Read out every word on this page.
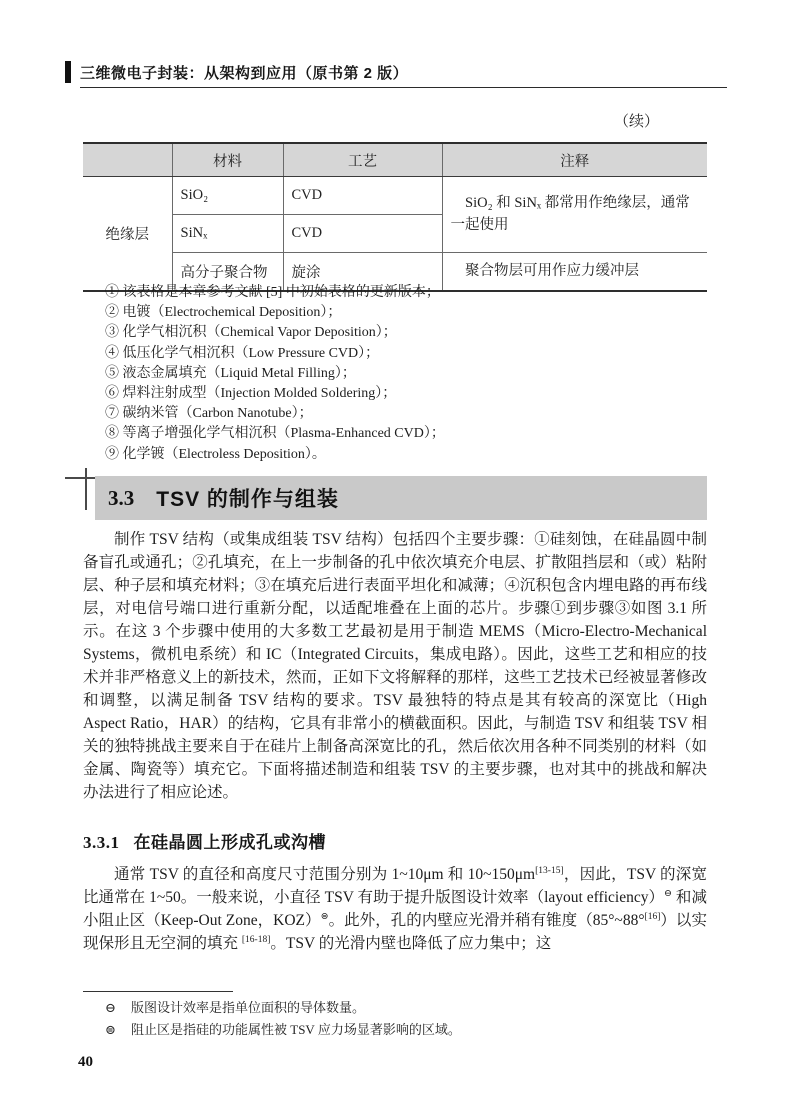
三维微电子封装：从架构到应用（原书第 2 版）
（续）
	材料	工艺	注释
绝缘层	SiO₂	CVD	SiO₂ 和 SiNₓ 都常用作绝缘层，通常一起使用
	SiNₓ	CVD	
	高分子聚合物	旋涂	聚合物层可用作应力缓冲层
① 该表格是本章参考文献 [5] 中初始表格的更新版本；
② 电镀（Electrochemical Deposition）；
③ 化学气相沉积（Chemical Vapor Deposition）；
④ 低压化学气相沉积（Low Pressure CVD）；
⑤ 液态金属填充（Liquid Metal Filling）；
⑥ 焊料注射成型（Injection Molded Soldering）；
⑦ 碳纳米管（Carbon Nanotube）；
⑧ 等离子增强化学气相沉积（Plasma-Enhanced CVD）；
⑨ 化学镀（Electroless Deposition）。
3.3 TSV 的制作与组装
制作 TSV 结构（或集成组装 TSV 结构）包括四个主要步骤：①硅刻蚀，在硅晶圆中制备盲孔或通孔；②孔填充，在上一步制备的孔中依次填充介电层、扩散阻挡层和（或）粘附层、种子层和填充材料；③在填充后进行表面平坦化和减薄；④沉积包含内埋电路的再布线层，对电信号端口进行重新分配，以适配堆叠在上面的芯片。步骤①到步骤③如图 3.1 所示。在这 3 个步骤中使用的大多数工艺最初是用于制造 MEMS（Micro-Electro-Mechanical Systems，微机电系统）和 IC（Integrated Circuits，集成电路）。因此，这些工艺和相应的技术并非严格意义上的新技术，然而，正如下文将解释的那样，这些工艺技术已经被显著修改和调整，以满足制备 TSV 结构的要求。TSV 最独特的特点是其有较高的深宽比（High Aspect Ratio，HAR）的结构，它具有非常小的横截面积。因此，与制造 TSV 和组装 TSV 相关的独特挑战主要来自于在硅片上制备高深宽比的孔，然后依次用各种不同类别的材料（如金属、陶瓷等）填充它。下面将描述制造和组装 TSV 的主要步骤，也对其中的挑战和解决办法进行了相应论述。
3.3.1 在硅晶圆上形成孔或沟槽
通常 TSV 的直径和高度尺寸范围分别为 1~10μm 和 10~150μm[13-15]，因此，TSV 的深宽比通常在 1~50。一般来说，小直径 TSV 有助于提升版图设计效率（layout efficiency）⊖ 和减小阻止区（Keep-Out Zone，KOZ）⊜。此外，孔的内壁应光滑并稍有锥度（85°~88°[16]）以实现保形且无空洞的填充 [16-18]。TSV 的光滑内壁也降低了应力集中；这
⊖	版图设计效率是指单位面积的导体数量。
⊜	阻止区是指硅的功能属性被 TSV 应力场显著影响的区域。
40
